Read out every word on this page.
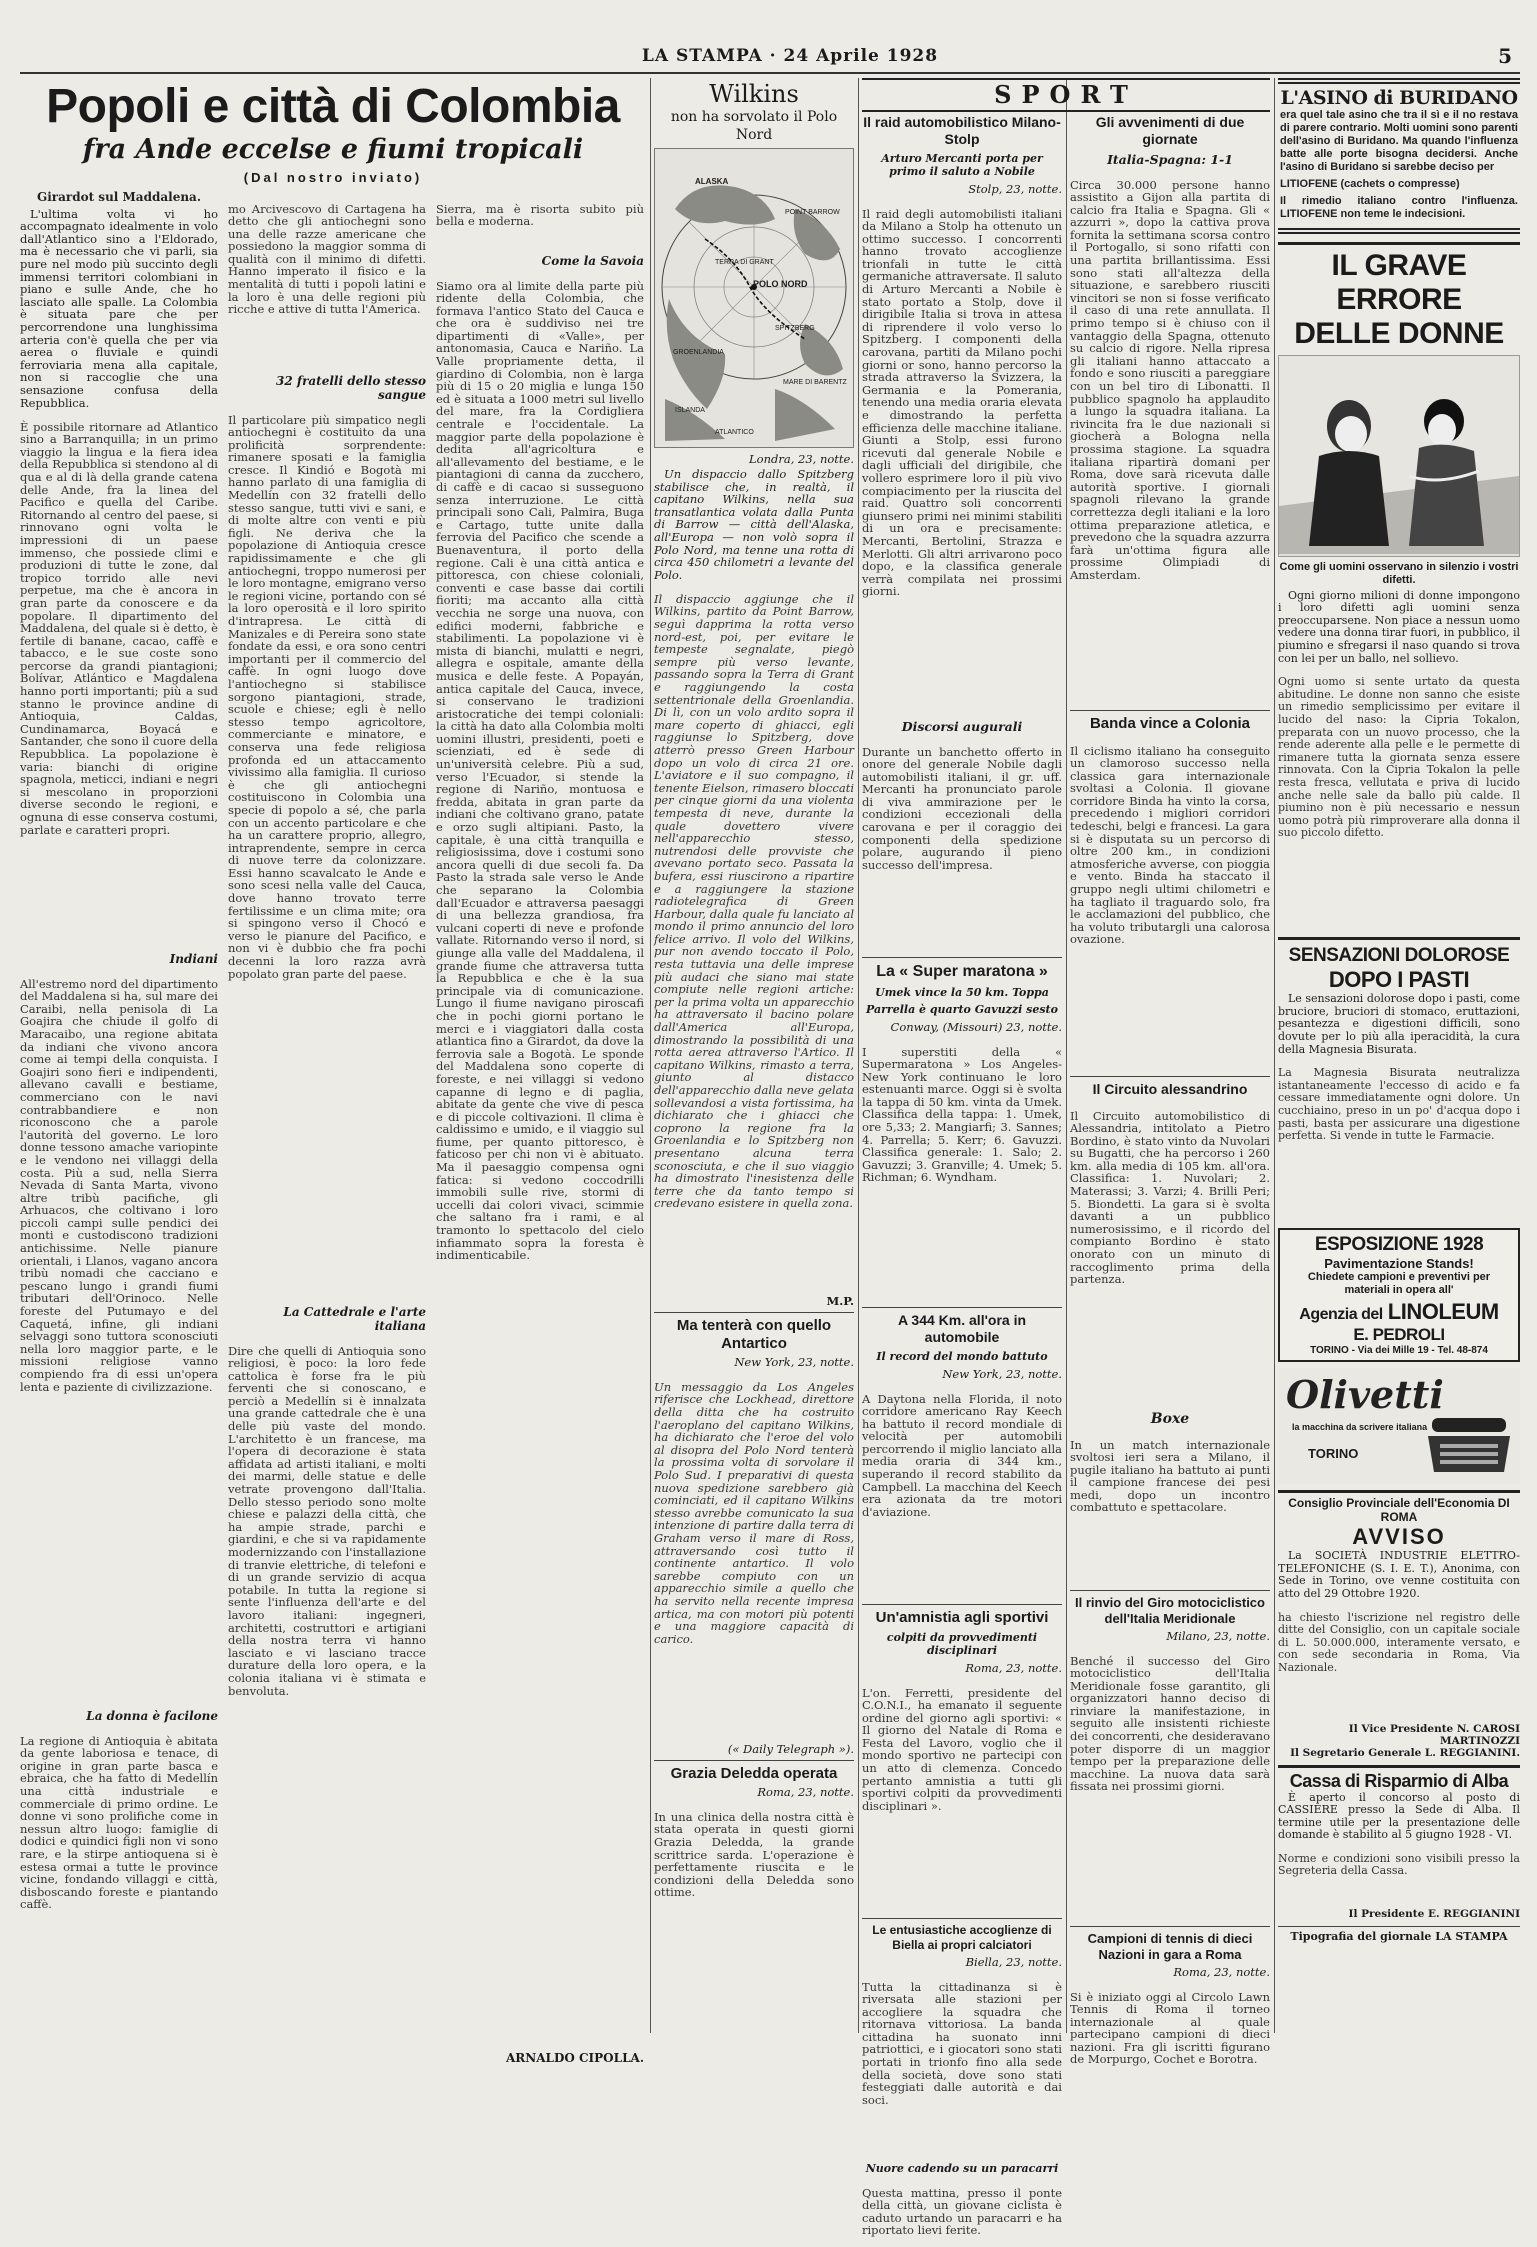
LA STAMPA · 24 Aprile 1928	5
Popoli e città di Colombia
fra Ande eccelse e fiumi tropicali
(Dal nostro inviato)

Girardot sul Maddalena.

L'ultima volta vi ho accompagnato idealmente in volo dall'Atlantico sino a l'Eldorado, ma è necessario che vi parli, sia pure nel modo più succinto degli immensi territori colombiani in piano e sulle Ande, che ho lasciato alle spalle. La Colombia è situata pare che per percorrendone una lunghissima arteria con'è quella che per via aerea o fluviale e quindi ferroviaria mena alla capitale, non si raccoglie che una sensazione confusa della Repubblica.

È possibile ritornare ad Atlantico sino a Barranquilla; in un primo viaggio la lingua e la fiera idea della Repubblica si stendono al di qua e al di là della grande catena delle Ande, fra la linea del Pacifico e quella del Caribe. Ritornando al centro del paese, si rinnovano ogni volta le impressioni di un paese immenso, che possiede climi e produzioni di tutte le zone, dal tropico torrido alle nevi perpetue, ma che è ancora in gran parte da conoscere e da popolare. Il dipartimento del Maddalena, del quale si è detto, è fertile di banane, cacao, caffè e tabacco, e le sue coste sono percorse da grandi piantagioni; Bolívar, Atlántico e Magdalena hanno porti importanti; più a sud stanno le province andine di Antioquia, Caldas, Cundinamarca, Boyacá e Santander, che sono il cuore della Repubblica. La popolazione è varia: bianchi di origine spagnola, meticci, indiani e negri si mescolano in proporzioni diverse secondo le regioni, e ognuna di esse conserva costumi, parlate e caratteri propri.

Indiani

All'estremo nord del dipartimento del Maddalena si ha, sul mare dei Caraibi, nella penisola di La Goajira che chiude il golfo di Maracaibo, una regione abitata da indiani che vivono ancora come ai tempi della conquista. I Goajiri sono fieri e indipendenti, allevano cavalli e bestiame, commerciano con le navi contrabbandiere e non riconoscono che a parole l'autorità del governo. Le loro donne tessono amache variopinte e le vendono nei villaggi della costa. Più a sud, nella Sierra Nevada di Santa Marta, vivono altre tribù pacifiche, gli Arhuacos, che coltivano i loro piccoli campi sulle pendici dei monti e custodiscono tradizioni antichissime. Nelle pianure orientali, i Llanos, vagano ancora tribù nomadi che cacciano e pescano lungo i grandi fiumi tributari dell'Orinoco. Nelle foreste del Putumayo e del Caquetá, infine, gli indiani selvaggi sono tuttora sconosciuti nella loro maggior parte, e le missioni religiose vanno compiendo fra di essi un'opera lenta e paziente di civilizzazione.

La donna è facilone

La regione di Antioquia è abitata da gente laboriosa e tenace, di origine in gran parte basca e ebraica, che ha fatto di Medellín una città industriale e commerciale di primo ordine. Le donne vi sono prolifiche come in nessun altro luogo: famiglie di dodici e quindici figli non vi sono rare, e la stirpe antioquena si è estesa ormai a tutte le province vicine, fondando villaggi e città, disboscando foreste e piantando caffè.

mo Arcivescovo di Cartagena ha detto che gli antiochegni sono una delle razze americane che possiedono la maggior somma di qualità con il minimo di difetti. Hanno imperato il fisico e la mentalità di tutti i popoli latini e la loro è una delle regioni più ricche e attive di tutta l'America.

32 fratelli dello stesso sangue

Il particolare più simpatico negli antiochegni è costituito da una prolificità sorprendente: rimanere sposati e la famiglia cresce. Il Kindió e Bogotà mi hanno parlato di una famiglia di Medellín con 32 fratelli dello stesso sangue, tutti vivi e sani, e di molte altre con venti e più figli. Ne deriva che la popolazione di Antioquia cresce rapidissimamente e che gli antiochegni, troppo numerosi per le loro montagne, emigrano verso le regioni vicine, portando con sé la loro operosità e il loro spirito d'intrapresa. Le città di Manizales e di Pereira sono state fondate da essi, e ora sono centri importanti per il commercio del caffè. In ogni luogo dove l'antiochegno si stabilisce sorgono piantagioni, strade, scuole e chiese; egli è nello stesso tempo agricoltore, commerciante e minatore, e conserva una fede religiosa profonda ed un attaccamento vivissimo alla famiglia. Il curioso è che gli antiochegni costituiscono in Colombia una specie di popolo a sé, che parla con un accento particolare e che ha un carattere proprio, allegro, intraprendente, sempre in cerca di nuove terre da colonizzare. Essi hanno scavalcato le Ande e sono scesi nella valle del Cauca, dove hanno trovato terre fertilissime e un clima mite; ora si spingono verso il Chocó e verso le pianure del Pacifico, e non vi è dubbio che fra pochi decenni la loro razza avrà popolato gran parte del paese.

La Cattedrale e l'arte italiana

Dire che quelli di Antioquia sono religiosi, è poco: la loro fede cattolica è forse fra le più ferventi che si conoscano, e perciò a Medellín si è innalzata una grande cattedrale che è una delle più vaste del mondo. L'architetto è un francese, ma l'opera di decorazione è stata affidata ad artisti italiani, e molti dei marmi, delle statue e delle vetrate provengono dall'Italia. Dello stesso periodo sono molte chiese e palazzi della città, che ha ampie strade, parchi e giardini, e che si va rapidamente modernizzando con l'installazione di tranvie elettriche, di telefoni e di un grande servizio di acqua potabile. In tutta la regione si sente l'influenza dell'arte e del lavoro italiani: ingegneri, architetti, costruttori e artigiani della nostra terra vi hanno lasciato e vi lasciano tracce durature della loro opera, e la colonia italiana vi è stimata e benvoluta.

Sierra, ma è risorta subito più bella e moderna.

Come la Savoia

Siamo ora al limite della parte più ridente della Colombia, che formava l'antico Stato del Cauca e che ora è suddiviso nei tre dipartimenti di «Valle», per antonomasia, Cauca e Nariño. La Valle propriamente detta, il giardino di Colombia, non è larga più di 15 o 20 miglia e lunga 150 ed è situata a 1000 metri sul livello del mare, fra la Cordigliera centrale e l'occidentale. La maggior parte della popolazione è dedita all'agricoltura e all'allevamento del bestiame, e le piantagioni di canna da zucchero, di caffè e di cacao si susseguono senza interruzione. Le città principali sono Cali, Palmira, Buga e Cartago, tutte unite dalla ferrovia del Pacifico che scende a Buenaventura, il porto della regione. Cali è una città antica e pittoresca, con chiese coloniali, conventi e case basse dai cortili fioriti; ma accanto alla città vecchia ne sorge una nuova, con edifici moderni, fabbriche e stabilimenti. La popolazione vi è mista di bianchi, mulatti e negri, allegra e ospitale, amante della musica e delle feste. A Popayán, antica capitale del Cauca, invece, si conservano le tradizioni aristocratiche dei tempi coloniali: la città ha dato alla Colombia molti uomini illustri, presidenti, poeti e scienziati, ed è sede di un'università celebre. Più a sud, verso l'Ecuador, si stende la regione di Nariño, montuosa e fredda, abitata in gran parte da indiani che coltivano grano, patate e orzo sugli altipiani. Pasto, la capitale, è una città tranquilla e religiosissima, dove i costumi sono ancora quelli di due secoli fa. Da Pasto la strada sale verso le Ande che separano la Colombia dall'Ecuador e attraversa paesaggi di una bellezza grandiosa, fra vulcani coperti di neve e profonde vallate. Ritornando verso il nord, si giunge alla valle del Maddalena, il grande fiume che attraversa tutta la Repubblica e che è la sua principale via di comunicazione. Lungo il fiume navigano piroscafi che in pochi giorni portano le merci e i viaggiatori dalla costa atlantica fino a Girardot, da dove la ferrovia sale a Bogotà. Le sponde del Maddalena sono coperte di foreste, e nei villaggi si vedono capanne di legno e di paglia, abitate da gente che vive di pesca e di piccole coltivazioni. Il clima è caldissimo e umido, e il viaggio sul fiume, per quanto pittoresco, è faticoso per chi non vi è abituato. Ma il paesaggio compensa ogni fatica: si vedono coccodrilli immobili sulle rive, stormi di uccelli dai colori vivaci, scimmie che saltano fra i rami, e al tramonto lo spettacolo del cielo infiammato sopra la foresta è indimenticabile.

ARNALDO CIPOLLA.
Wilkins
non ha sorvolato il Polo Nord
POLO NORD
SPITZBERG
GROENLANDIA
ISLANDA
ALASKA
TERRA DI GRANT
POINT BARROW
MARE DI BARENTZ
ATLANTICO
Londra, 23, notte.

Un dispaccio dallo Spitzberg stabilisce che, in realtà, il capitano Wilkins, nella sua transatlantica volata dalla Punta di Barrow — città dell'Alaska, all'Europa — non volò sopra il Polo Nord, ma tenne una rotta di circa 450 chilometri a levante del Polo.

Il dispaccio aggiunge che il Wilkins, partito da Point Barrow, seguì dapprima la rotta verso nord-est, poi, per evitare le tempeste segnalate, piegò sempre più verso levante, passando sopra la Terra di Grant e raggiungendo la costa settentrionale della Groenlandia. Di lì, con un volo ardito sopra il mare coperto di ghiacci, egli raggiunse lo Spitzberg, dove atterrò presso Green Harbour dopo un volo di circa 21 ore. L'aviatore e il suo compagno, il tenente Eielson, rimasero bloccati per cinque giorni da una violenta tempesta di neve, durante la quale dovettero vivere nell'apparecchio stesso, nutrendosi delle provviste che avevano portato seco. Passata la bufera, essi riuscirono a ripartire e a raggiungere la stazione radiotelegrafica di Green Harbour, dalla quale fu lanciato al mondo il primo annuncio del loro felice arrivo. Il volo del Wilkins, pur non avendo toccato il Polo, resta tuttavia una delle imprese più audaci che siano mai state compiute nelle regioni artiche: per la prima volta un apparecchio ha attraversato il bacino polare dall'America all'Europa, dimostrando la possibilità di una rotta aerea attraverso l'Artico. Il capitano Wilkins, rimasto a terra, giunto al distacco dell'apparecchio dalla neve gelata sollevandosi a vista fortissima, ha dichiarato che i ghiacci che coprono la regione fra la Groenlandia e lo Spitzberg non presentano alcuna terra sconosciuta, e che il suo viaggio ha dimostrato l'inesistenza delle terre che da tanto tempo si credevano esistere in quella zona.

M.P.
Ma tenterà con quello Antartico
New York, 23, notte.

Un messaggio da Los Angeles riferisce che Lockhead, direttore della ditta che ha costruito l'aeroplano del capitano Wilkins, ha dichiarato che l'eroe del volo al disopra del Polo Nord tenterà la prossima volta di sorvolare il Polo Sud. I preparativi di questa nuova spedizione sarebbero già cominciati, ed il capitano Wilkins stesso avrebbe comunicato la sua intenzione di partire dalla terra di Graham verso il mare di Ross, attraversando così tutto il continente antartico. Il volo sarebbe compiuto con un apparecchio simile a quello che ha servito nella recente impresa artica, ma con motori più potenti e una maggiore capacità di carico.

(« Daily Telegraph »).
Grazia Deledda operata
Roma, 23, notte.

In una clinica della nostra città è stata operata in questi giorni Grazia Deledda, la grande scrittrice sarda. L'operazione è perfettamente riuscita e le condizioni della Deledda sono ottime.

SPORT
Il raid automobilistico Milano-Stolp
Arturo Mercanti porta per primo il saluto a Nobile
Stolp, 23, notte.

Il raid degli automobilisti italiani da Milano a Stolp ha ottenuto un ottimo successo. I concorrenti hanno trovato accoglienze trionfali in tutte le città germaniche attraversate. Il saluto di Arturo Mercanti a Nobile è stato portato a Stolp, dove il dirigibile Italia si trova in attesa di riprendere il volo verso lo Spitzberg. I componenti della carovana, partiti da Milano pochi giorni or sono, hanno percorso la strada attraverso la Svizzera, la Germania e la Pomerania, tenendo una media oraria elevata e dimostrando la perfetta efficienza delle macchine italiane. Giunti a Stolp, essi furono ricevuti dal generale Nobile e dagli ufficiali del dirigibile, che vollero esprimere loro il più vivo compiacimento per la riuscita del raid. Quattro soli concorrenti giunsero primi nei minimi stabiliti di un ora e precisamente: Mercanti, Bertolini, Strazza e Merlotti. Gli altri arrivarono poco dopo, e la classifica generale verrà compilata nei prossimi giorni.

Discorsi augurali

Durante un banchetto offerto in onore del generale Nobile dagli automobilisti italiani, il gr. uff. Mercanti ha pronunciato parole di viva ammirazione per le condizioni eccezionali della carovana e per il coraggio dei componenti della spedizione polare, augurando il pieno successo dell'impresa.

La « Super maratona »
Umek vince la 50 km. Toppa
Parrella è quarto Gavuzzi sesto
Conway, (Missouri) 23, notte.

I superstiti della « Supermaratona » Los Angeles-New York continuano le loro estenuanti marce. Oggi si è svolta la tappa di 50 km. vinta da Umek. Classifica della tappa: 1. Umek, ore 5,33; 2. Mangiarfi; 3. Sannes; 4. Parrella; 5. Kerr; 6. Gavuzzi. Classifica generale: 1. Salo; 2. Gavuzzi; 3. Granville; 4. Umek; 5. Richman; 6. Wyndham.

A 344 Km. all'ora in automobile
Il record del mondo battuto
New York, 23, notte.

A Daytona nella Florida, il noto corridore americano Ray Keech ha battuto il record mondiale di velocità per automobili percorrendo il miglio lanciato alla media oraria di 344 km., superando il record stabilito da Campbell. La macchina del Keech era azionata da tre motori d'aviazione.

Un'amnistia agli sportivi
colpiti da provvedimenti disciplinari
Roma, 23, notte.

L'on. Ferretti, presidente del C.O.N.I., ha emanato il seguente ordine del giorno agli sportivi: « Il giorno del Natale di Roma e Festa del Lavoro, voglio che il mondo sportivo ne partecipi con un atto di clemenza. Concedo pertanto amnistia a tutti gli sportivi colpiti da provvedimenti disciplinari ».

Le entusiastiche accoglienze di Biella ai propri calciatori
Biella, 23, notte.

Tutta la cittadinanza si è riversata alle stazioni per accogliere la squadra che ritornava vittoriosa. La banda cittadina ha suonato inni patriottici, e i giocatori sono stati portati in trionfo fino alla sede della società, dove sono stati festeggiati dalle autorità e dai soci.

Nuore cadendo su un paracarri

Questa mattina, presso il ponte della città, un giovane ciclista è caduto urtando un paracarri e ha riportato lievi ferite.

Gli avvenimenti di due giornate
Italia-Spagna: 1-1

Circa 30.000 persone hanno assistito a Gijon alla partita di calcio fra Italia e Spagna. Gli « azzurri », dopo la cattiva prova fornita la settimana scorsa contro il Portogallo, si sono rifatti con una partita brillantissima. Essi sono stati all'altezza della situazione, e sarebbero riusciti vincitori se non si fosse verificato il caso di una rete annullata. Il primo tempo si è chiuso con il vantaggio della Spagna, ottenuto su calcio di rigore. Nella ripresa gli italiani hanno attaccato a fondo e sono riusciti a pareggiare con un bel tiro di Libonatti. Il pubblico spagnolo ha applaudito a lungo la squadra italiana. La rivincita fra le due nazionali si giocherà a Bologna nella prossima stagione. La squadra italiana ripartirà domani per Roma, dove sarà ricevuta dalle autorità sportive. I giornali spagnoli rilevano la grande correttezza degli italiani e la loro ottima preparazione atletica, e prevedono che la squadra azzurra farà un'ottima figura alle prossime Olimpiadi di Amsterdam.

Banda vince a Colonia

Il ciclismo italiano ha conseguito un clamoroso successo nella classica gara internazionale svoltasi a Colonia. Il giovane corridore Binda ha vinto la corsa, precedendo i migliori corridori tedeschi, belgi e francesi. La gara si è disputata su un percorso di oltre 200 km., in condizioni atmosferiche avverse, con pioggia e vento. Binda ha staccato il gruppo negli ultimi chilometri e ha tagliato il traguardo solo, fra le acclamazioni del pubblico, che ha voluto tributargli una calorosa ovazione.

Il Circuito alessandrino

Il Circuito automobilistico di Alessandria, intitolato a Pietro Bordino, è stato vinto da Nuvolari su Bugatti, che ha percorso i 260 km. alla media di 105 km. all'ora. Classifica: 1. Nuvolari; 2. Materassi; 3. Varzi; 4. Brilli Peri; 5. Biondetti. La gara si è svolta davanti a un pubblico numerosissimo, e il ricordo del compianto Bordino è stato onorato con un minuto di raccoglimento prima della partenza.

Boxe

In un match internazionale svoltosi ieri sera a Milano, il pugile italiano ha battuto ai punti il campione francese dei pesi medi, dopo un incontro combattuto e spettacolare.

Il rinvio del Giro motociclistico dell'Italia Meridionale
Milano, 23, notte.

Benché il successo del Giro motociclistico dell'Italia Meridionale fosse garantito, gli organizzatori hanno deciso di rinviare la manifestazione, in seguito alle insistenti richieste dei concorrenti, che desideravano poter disporre di un maggior tempo per la preparazione delle macchine. La nuova data sarà fissata nei prossimi giorni.

Campioni di tennis di dieci Nazioni in gara a Roma
Roma, 23, notte.

Si è iniziato oggi al Circolo Lawn Tennis di Roma il torneo internazionale al quale partecipano campioni di dieci nazioni. Fra gli iscritti figurano de Morpurgo, Cochet e Borotra.

L'ASINO di BURIDANO

era quel tale asino che tra il sì e il no restava di parere contrario. Molti uomini sono parenti dell'asino di Buridano. Ma quando l'influenza batte alle porte bisogna decidersi. Anche l'asino di Buridano si sarebbe deciso per

LITIOFENE (cachets o compresse)

Il rimedio italiano contro l'influenza. LITIOFENE non teme le indecisioni.

IL GRAVE ERRORE
DELLE DONNE
Come gli uomini osservano in silenzio i vostri difetti.

Ogni giorno milioni di donne impongono i loro difetti agli uomini senza preoccuparsene. Non piace a nessun uomo vedere una donna tirar fuori, in pubblico, il piumino e sfregarsi il naso quando si trova con lei per un ballo, nel sollievo.

Ogni uomo si sente urtato da questa abitudine. Le donne non sanno che esiste un rimedio semplicissimo per evitare il lucido del naso: la Cipria Tokalon, preparata con un nuovo processo, che la rende aderente alla pelle e le permette di rimanere tutta la giornata senza essere rinnovata. Con la Cipria Tokalon la pelle resta fresca, vellutata e priva di lucido anche nelle sale da ballo più calde. Il piumino non è più necessario e nessun uomo potrà più rimproverare alla donna il suo piccolo difetto.

SENSAZIONI DOLOROSE
DOPO I PASTI

Le sensazioni dolorose dopo i pasti, come bruciore, bruciori di stomaco, eruttazioni, pesantezza e digestioni difficili, sono dovute per lo più alla iperacidità, la cura della Magnesia Bisurata.

La Magnesia Bisurata neutralizza istantaneamente l'eccesso di acido e fa cessare immediatamente ogni dolore. Un cucchiaino, preso in un po' d'acqua dopo i pasti, basta per assicurare una digestione perfetta. Si vende in tutte le Farmacie.

ESPOSIZIONE 1928
Pavimentazione Stands!
Chiedete campioni e preventivi per materiali in opera all'
Agenzia del LINOLEUM
E. PEDROLI
TORINO - Via dei Mille 19 - Tel. 48-874
Olivetti
la macchina da scrivere italiana
TORINO
Consiglio Provinciale dell'Economia DI ROMA
AVVISO

La SOCIETÀ INDUSTRIE ELETTRO-TELEFONICHE (S. I. E. T.), Anonima, con Sede in Torino, ove venne costituita con atto del 29 Ottobre 1920.

ha chiesto l'iscrizione nel registro delle ditte del Consiglio, con un capitale sociale di L. 50.000.000, interamente versato, e con sede secondaria in Roma, Via Nazionale.

Il Vice Presidente N. CAROSI MARTINOZZI
Il Segretario Generale L. REGGIANINI.
Cassa di Risparmio di Alba

È aperto il concorso al posto di CASSIERE presso la Sede di Alba. Il termine utile per la presentazione delle domande è stabilito al 5 giugno 1928 - VI.

Norme e condizioni sono visibili presso la Segreteria della Cassa.

Il Presidente E. REGGIANINI
Tipografia del giornale LA STAMPA
